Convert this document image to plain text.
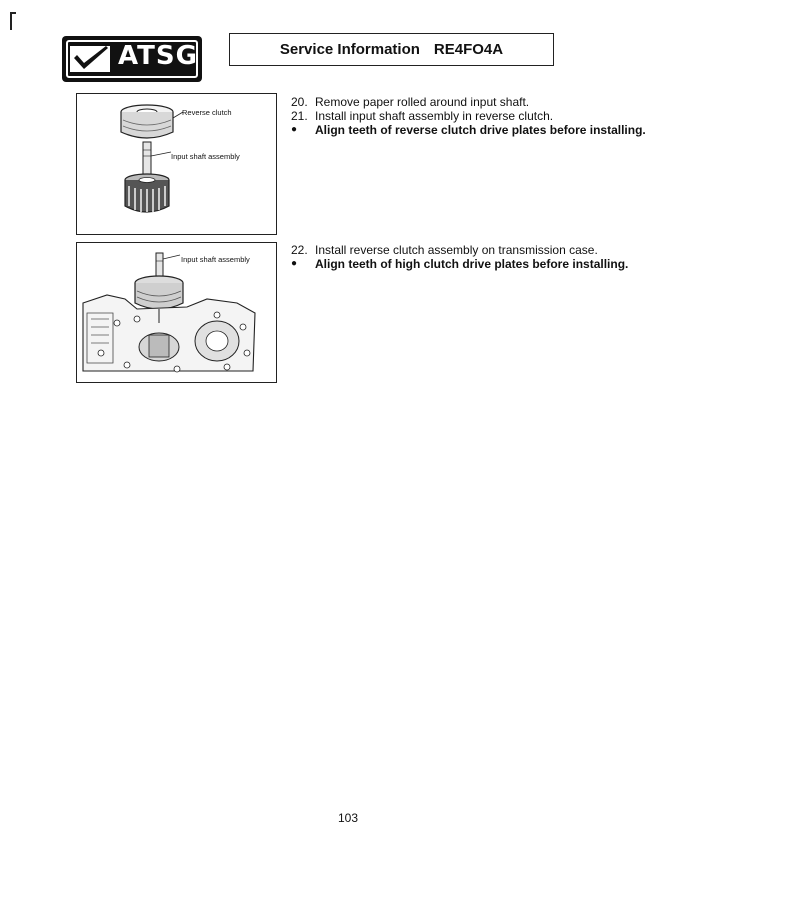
ATSG	Service Information RE4FO4A
Reverse clutch
Input shaft assembly
20. Remove paper rolled around input shaft.
21. Install input shaft assembly in reverse clutch.
●	Align teeth of reverse clutch drive plates before installing.
Input shaft assembly
22. Install reverse clutch assembly on transmission case.
●	Align teeth of high clutch drive plates before installing.
103
